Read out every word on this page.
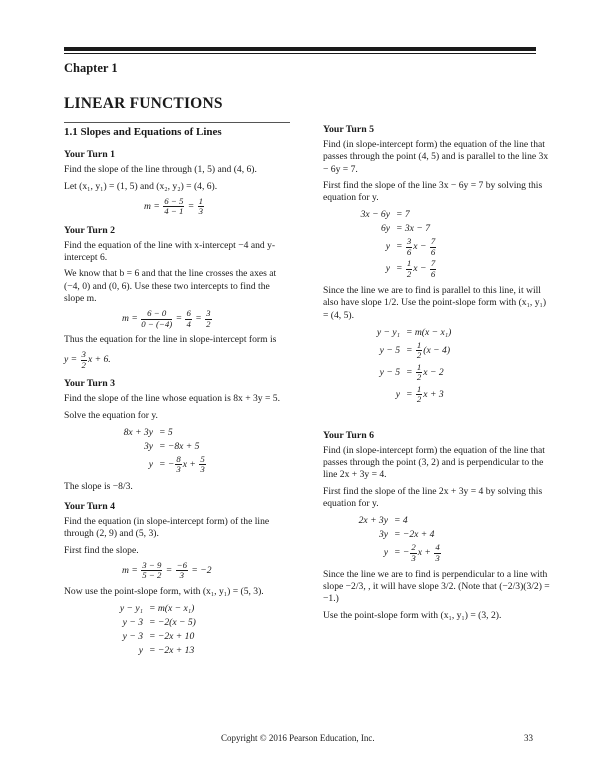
Chapter 1
LINEAR FUNCTIONS
1.1 Slopes and Equations of Lines
Your Turn 1

Find the slope of the line through (1, 5) and (4, 6).

Let (x₁, y₁) = (1, 5) and (x₂, y₂) = (4, 6).

$m = \frac{6 - 5}{4 - 1} = \frac{1}{3}$
Your Turn 2

Find the equation of the line with x-intercept −4 and y-intercept 6.

We know that b = 6 and that the line crosses the axes at (−4, 0) and (0, 6). Use these two intercepts to find the slope m.

$m = \frac{6 - 0}{0 - (-4)} = \frac{6}{4} = \frac{3}{2}$

Thus the equation for the line in slope-intercept form is

$y = \frac{3}{2}$ x + 6.
Your Turn 3

Find the slope of the line whose equation is 8x + 3y = 5.

Solve the equation for y.

8x + 3y = 5
3y = −8x + 5
y = − $\frac{8}{3}$ $x + \frac{5}{3}$

The slope is −8/3.

Your Turn 4

Find the equation (in slope-intercept form) of the line through (2, 9) and (5, 3).

First find the slope.

$m = \frac{3 - 9}{5 - 2} = \frac{-6}{3} = -2$

Now use the point-slope form, with (x₁, y₁) = (5, 3).

y − y₁ = m(x − x₁)
y − 3 = −2(x − 5)
y − 3 = −2x + 10
y = −2x + 13
Your Turn 5

Find (in slope-intercept form) the equation of the line that passes through the point (4, 5) and is parallel to the line 3x − 6y = 7.

First find the slope of the line 3x − 6y = 7 by solving this equation for y.

3x − 6y = 7
6y = 3x − 7
$y = \frac{3}{6}$ $x - \frac{7}{6}$
$y = \frac{1}{2}$ $x - \frac{7}{6}$

Since the line we are to find is parallel to this line, it will also have slope 1/2. Use the point-slope form with (x₁, y₁) = (4, 5).

y − y₁ = m(x − x₁)
$y - 5 = \frac{1}{2} (x - 4)$
$y - 5 = \frac{1}{2}$ x − 2
$y = \frac{1}{2}$ x + 3
Your Turn 6

Find (in slope-intercept form) the equation of the line that passes through the point (3, 2) and is perpendicular to the line 2x + 3y = 4.

First find the slope of the line 2x + 3y = 4 by solving this equation for y.

2x + 3y = 4
3y = −2x + 4
y = − $\frac{2}{3}$ $x + \frac{4}{3}$

Since the line we are to find is perpendicular to a line with slope −2/3, , it will have slope 3/2. (Note that (−2/3)(3/2) = −1.)

Use the point-slope form with (x₁, y₁) = (3, 2).

Copyright © 2016 Pearson Education, Inc.	33
